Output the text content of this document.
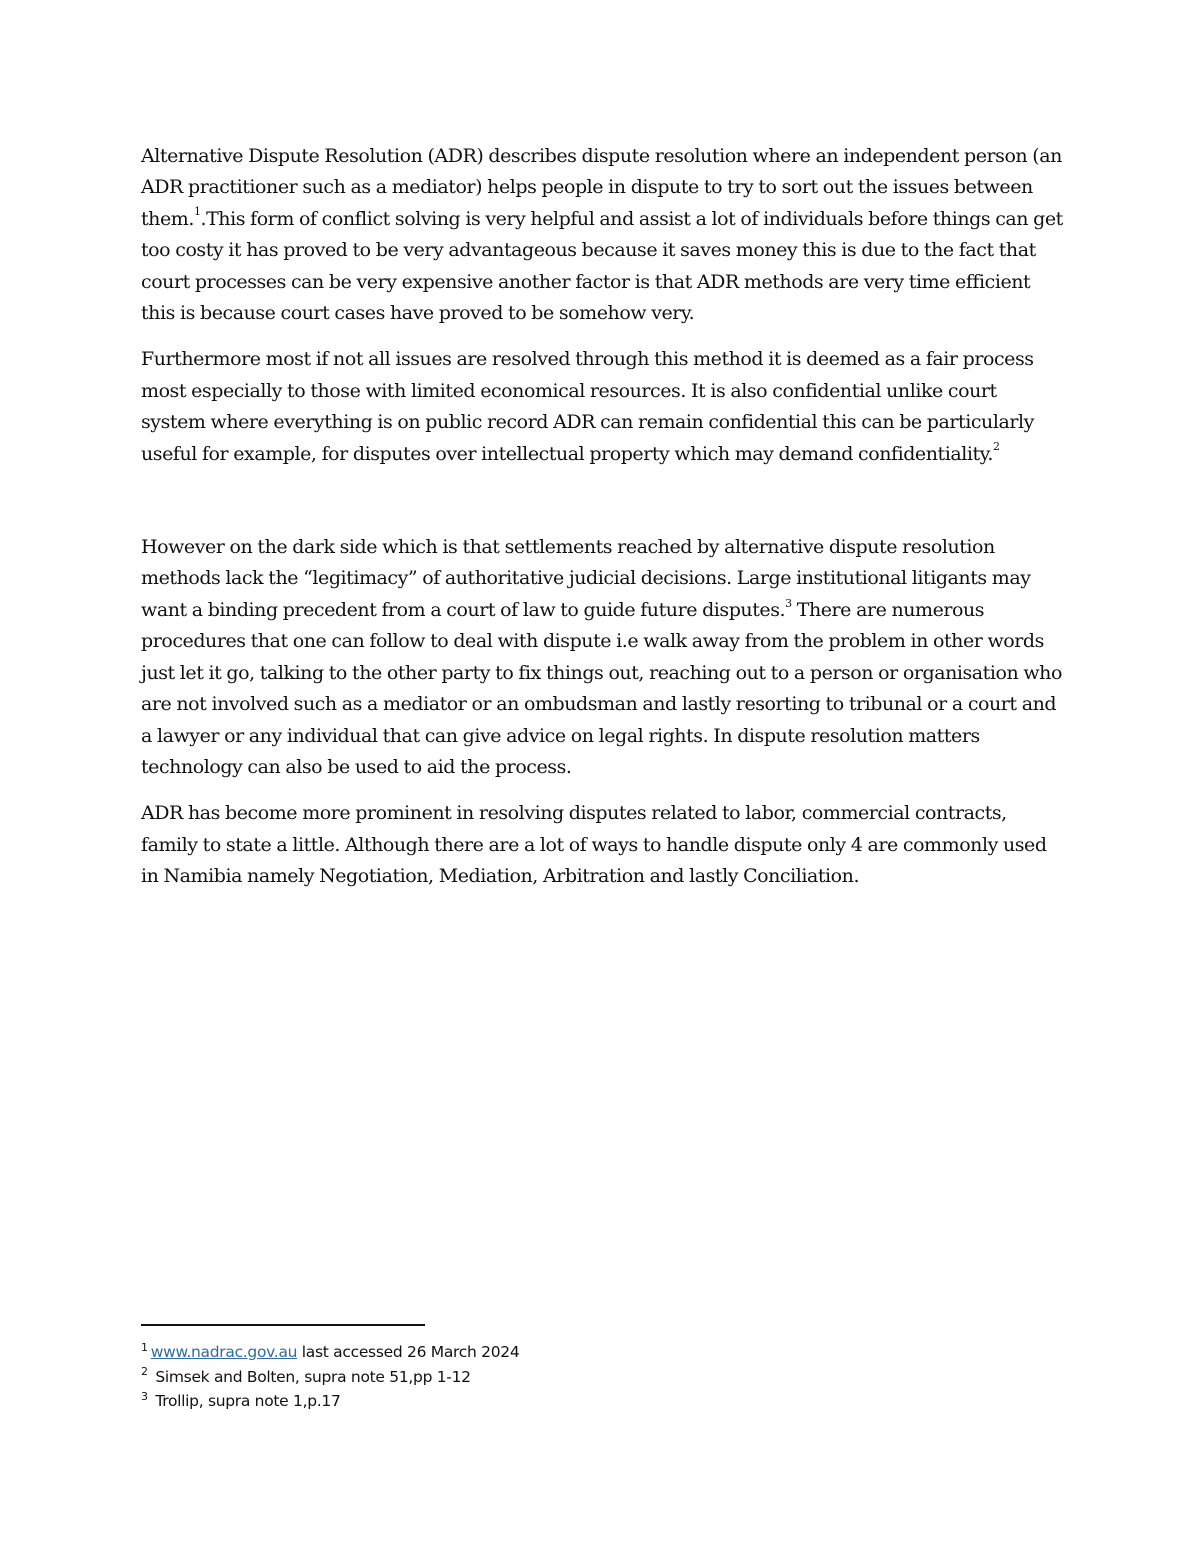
Alternative Dispute Resolution (ADR) describes dispute resolution where an independent person (an ADR practitioner such as a mediator) helps people in dispute to try to sort out the issues between them.$^1$.This form of conflict solving is very helpful and assist a lot of individuals before things can get too costy it has proved to be very advantageous because it saves money this is due to the fact that court processes can be very expensive another factor is that ADR methods are very time efficient this is because court cases have proved to be somehow very.

Furthermore most if not all issues are resolved through this method it is deemed as a fair process most especially to those with limited economical resources. It is also confidential unlike court system where everything is on public record ADR can remain confidential this can be particularly useful for example, for disputes over intellectual property which may demand confidentiality.$^2$

However on the dark side which is that settlements reached by alternative dispute resolution methods lack the “legitimacy” of authoritative judicial decisions. Large institutional litigants may want a binding precedent from a court of law to guide future disputes.$^3$ There are numerous procedures that one can follow to deal with dispute i.e walk away from the problem in other words just let it go, talking to the other party to fix things out, reaching out to a person or organisation who are not involved such as a mediator or an ombudsman and lastly resorting to tribunal or a court and a lawyer or any individual that can give advice on legal rights. In dispute resolution matters technology can also be used to aid the process.

ADR has become more prominent in resolving disputes related to labor, commercial contracts, family to state a little. Although there are a lot of ways to handle dispute only 4 are commonly used in Namibia namely Negotiation, Mediation, Arbitration and lastly Conciliation.

$^1$ www.nadrac.gov.au last accessed 26 March 2024

$^2$ Simsek and Bolten, supra note 51,pp 1-12

$^3$ Trollip, supra note 1,p.17
